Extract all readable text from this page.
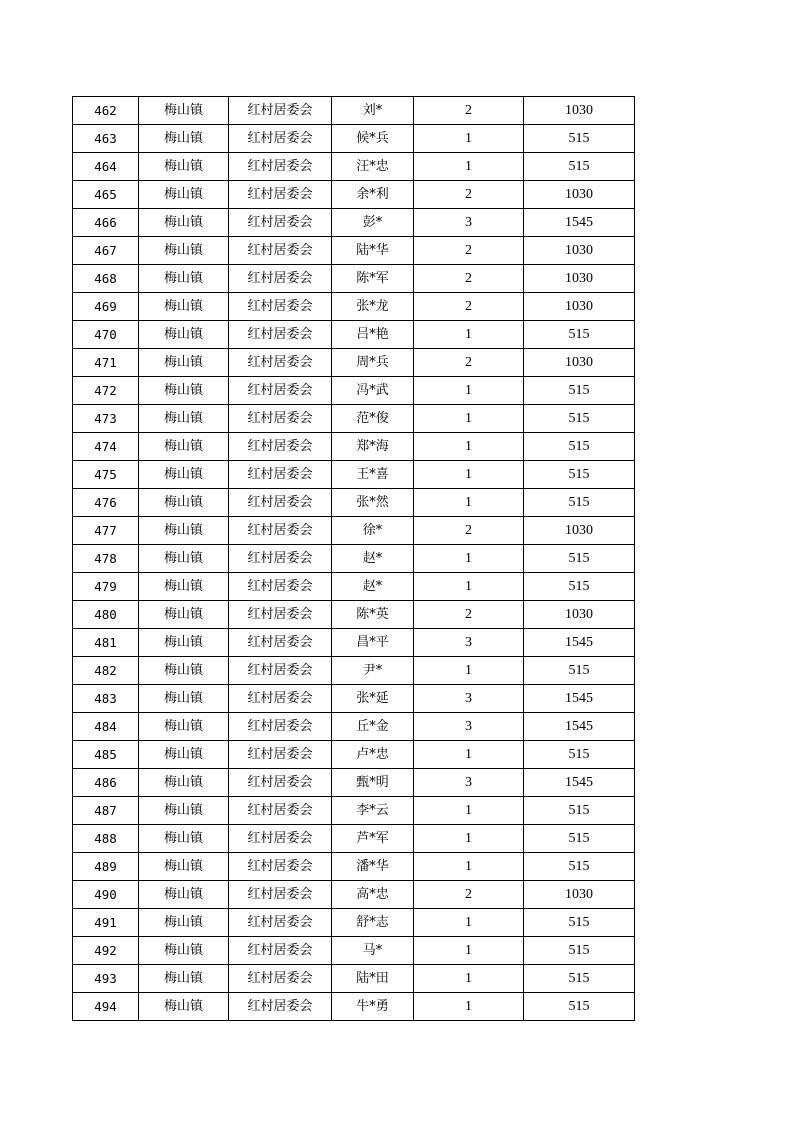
462	梅山镇	红村居委会	刘*	2	1030
463	梅山镇	红村居委会	候*兵	1	515
464	梅山镇	红村居委会	汪*忠	1	515
465	梅山镇	红村居委会	余*利	2	1030
466	梅山镇	红村居委会	彭*	3	1545
467	梅山镇	红村居委会	陆*华	2	1030
468	梅山镇	红村居委会	陈*军	2	1030
469	梅山镇	红村居委会	张*龙	2	1030
470	梅山镇	红村居委会	吕*艳	1	515
471	梅山镇	红村居委会	周*兵	2	1030
472	梅山镇	红村居委会	冯*武	1	515
473	梅山镇	红村居委会	范*俊	1	515
474	梅山镇	红村居委会	郑*海	1	515
475	梅山镇	红村居委会	王*喜	1	515
476	梅山镇	红村居委会	张*然	1	515
477	梅山镇	红村居委会	徐*	2	1030
478	梅山镇	红村居委会	赵*	1	515
479	梅山镇	红村居委会	赵*	1	515
480	梅山镇	红村居委会	陈*英	2	1030
481	梅山镇	红村居委会	昌*平	3	1545
482	梅山镇	红村居委会	尹*	1	515
483	梅山镇	红村居委会	张*延	3	1545
484	梅山镇	红村居委会	丘*金	3	1545
485	梅山镇	红村居委会	卢*忠	1	515
486	梅山镇	红村居委会	甄*明	3	1545
487	梅山镇	红村居委会	李*云	1	515
488	梅山镇	红村居委会	芦*军	1	515
489	梅山镇	红村居委会	潘*华	1	515
490	梅山镇	红村居委会	高*忠	2	1030
491	梅山镇	红村居委会	舒*志	1	515
492	梅山镇	红村居委会	马*	1	515
493	梅山镇	红村居委会	陆*田	1	515
494	梅山镇	红村居委会	牛*勇	1	515
